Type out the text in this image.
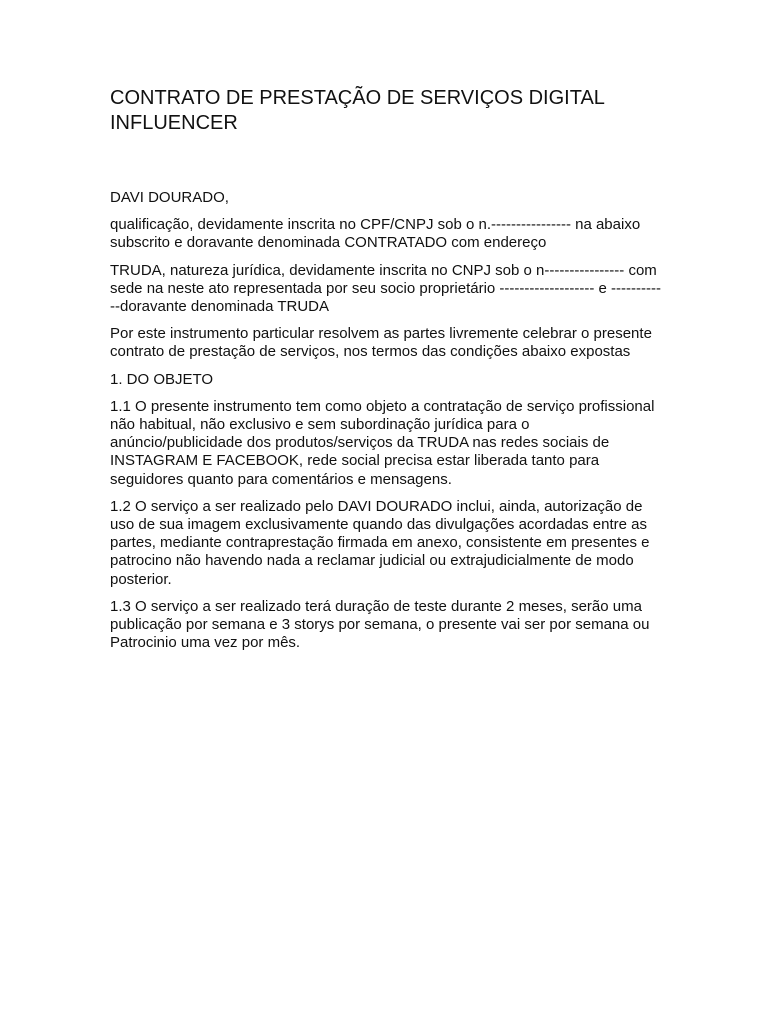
CONTRATO DE PRESTAÇÃO DE SERVIÇOS DIGITAL INFLUENCER

DAVI DOURADO,

qualificação, devidamente inscrita no CPF/CNPJ sob o n.---------------- na abaixo subscrito e doravante denominada CONTRATADO com endereço

TRUDA, natureza jurídica, devidamente inscrita no CNPJ sob o n---------------- com sede na neste ato representada por seu socio proprietário ------------------- e ------------doravante denominada TRUDA

Por este instrumento particular resolvem as partes livremente celebrar o presente contrato de prestação de serviços, nos termos das condições abaixo expostas

1. DO OBJETO

1.1 O presente instrumento tem como objeto a contratação de serviço profissional não habitual, não exclusivo e sem subordinação jurídica para o anúncio/publicidade dos produtos/serviços da TRUDA nas redes sociais de INSTAGRAM E FACEBOOK, rede social precisa estar liberada tanto para seguidores quanto para comentários e mensagens.

1.2 O serviço a ser realizado pelo DAVI DOURADO inclui, ainda, autorização de uso de sua imagem exclusivamente quando das divulgações acordadas entre as partes, mediante contraprestação firmada em anexo, consistente em presentes e patrocino não havendo nada a reclamar judicial ou extrajudicialmente de modo posterior.

1.3 O serviço a ser realizado terá duração de teste durante 2 meses, serão uma publicação por semana e 3 storys por semana, o presente vai ser por semana ou Patrocinio uma vez por mês.
